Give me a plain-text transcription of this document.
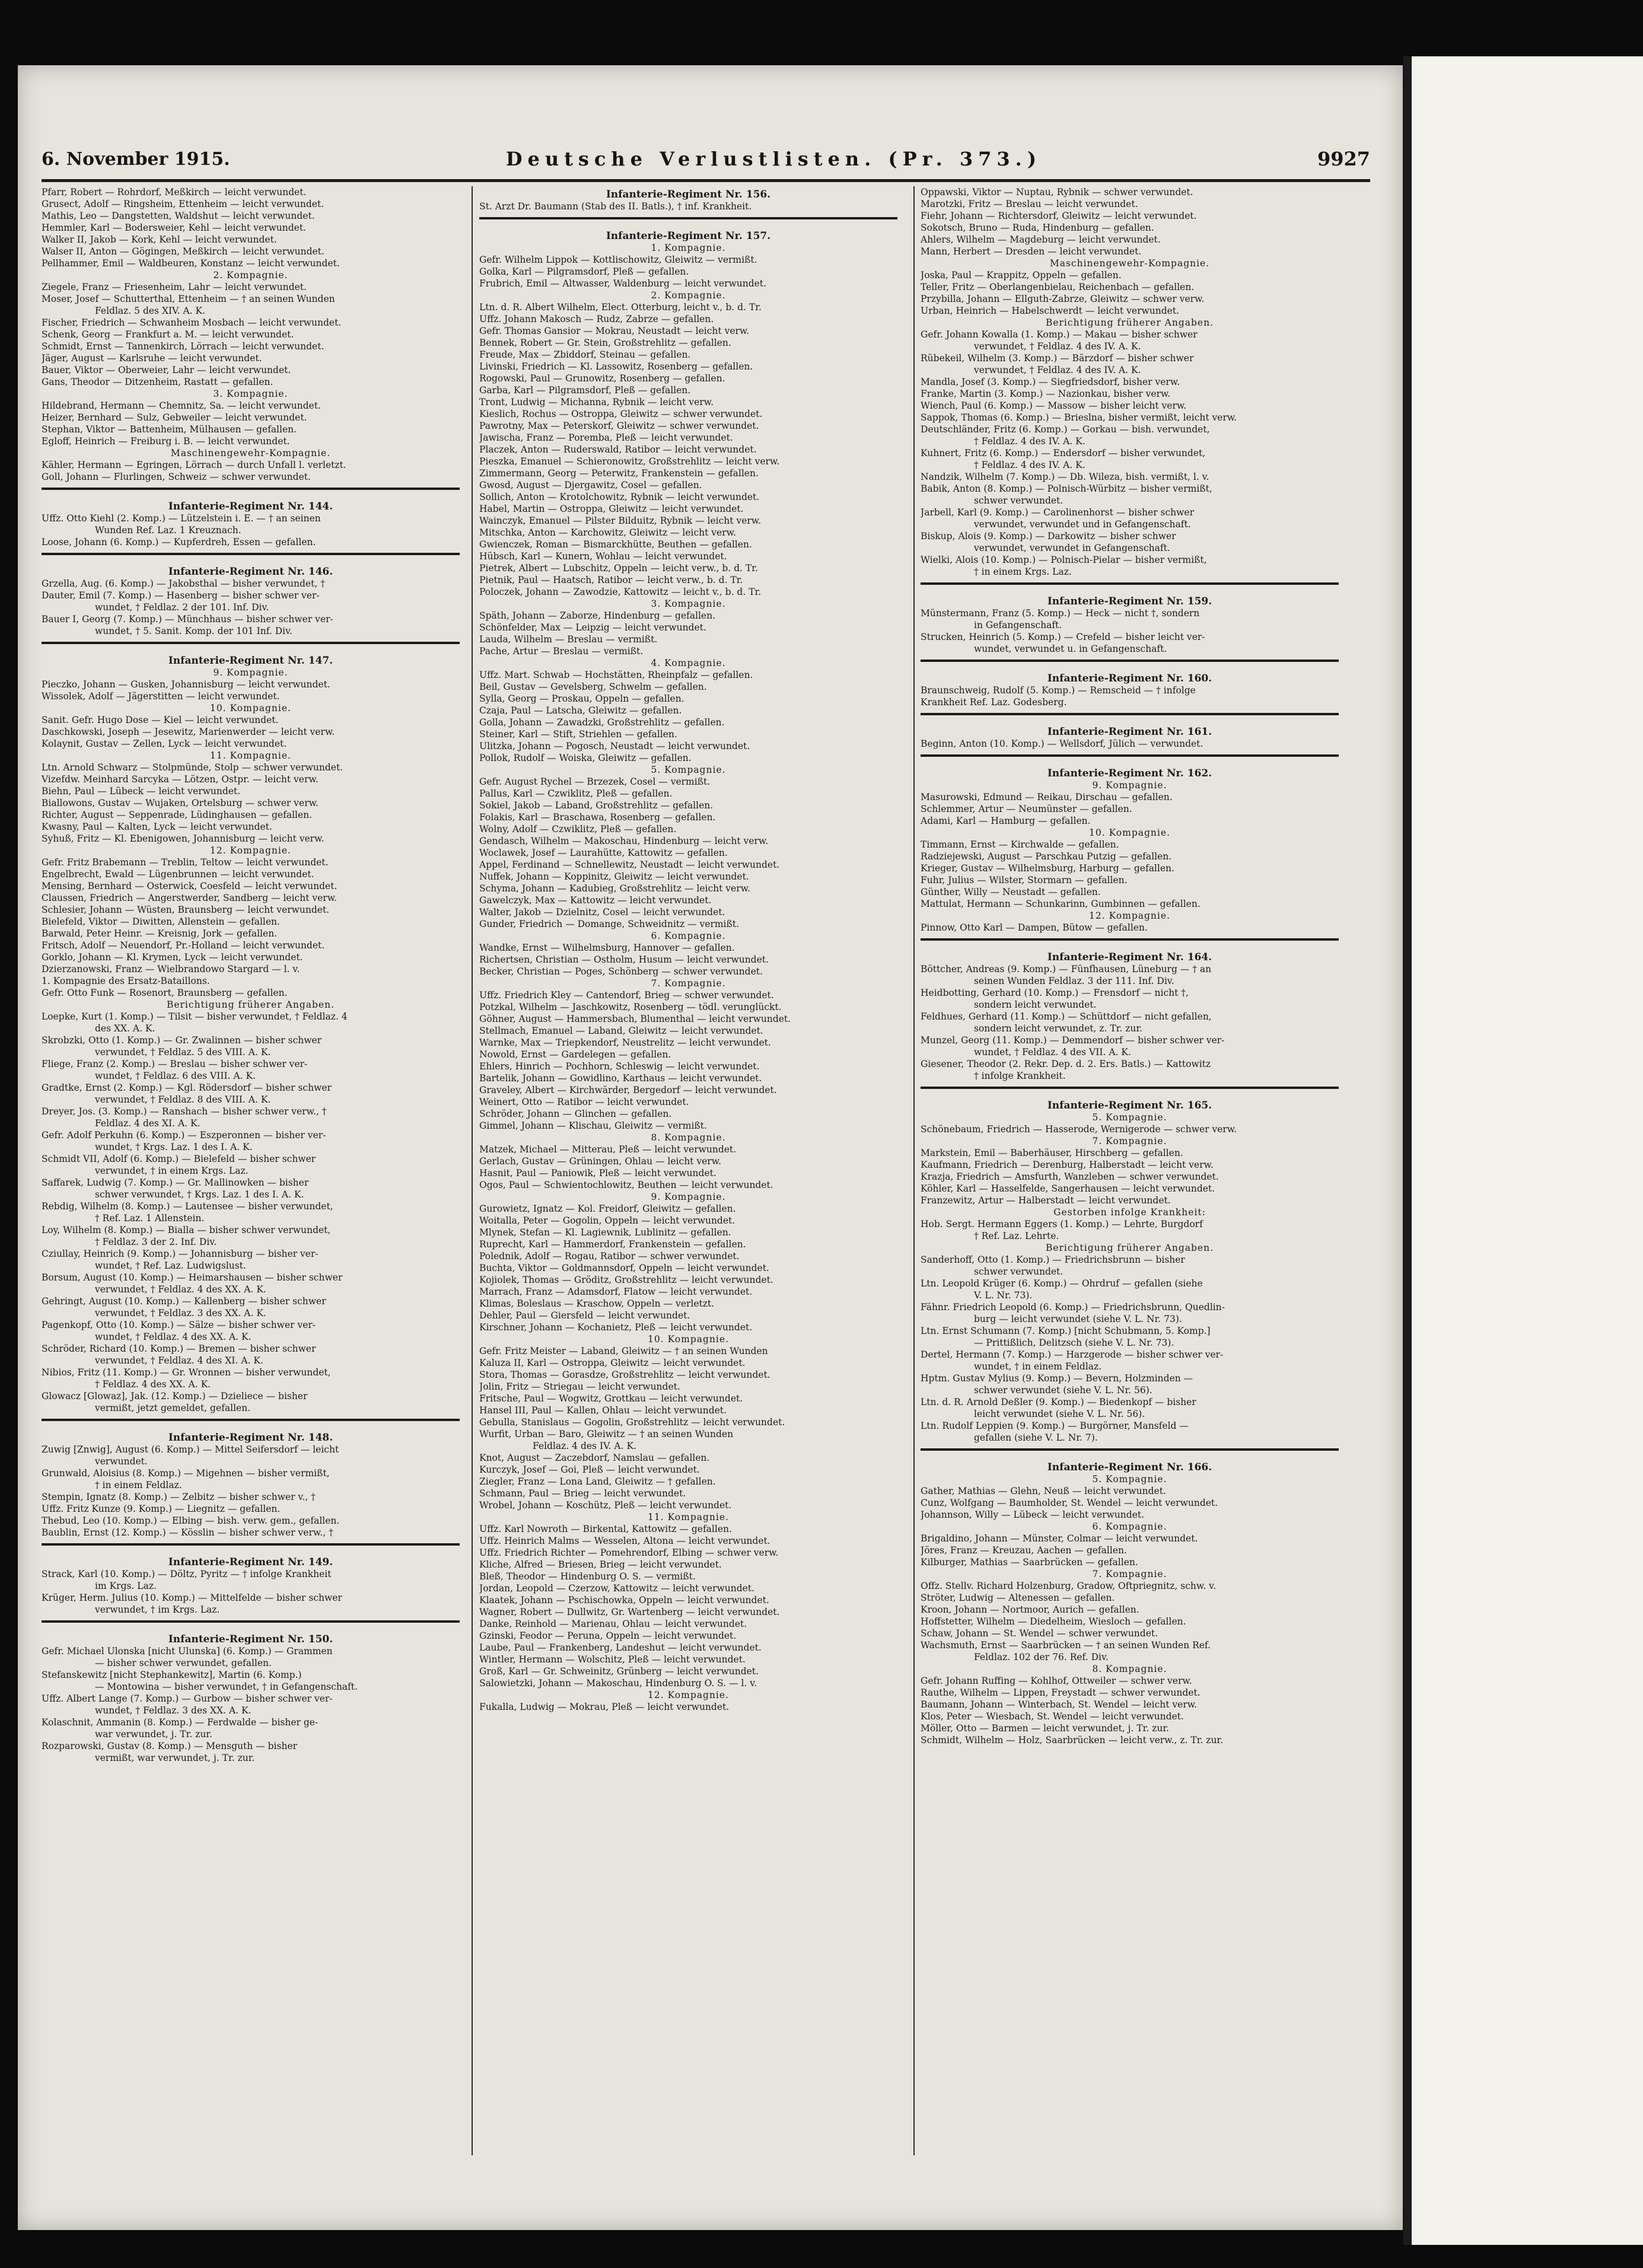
6. November 1915.	Deutsche Verlustlisten. (Pr. 373.)	9927
Pfarr, Robert — Rohrdorf, Meßkirch — leicht verwundet.
Grusect, Adolf — Ringsheim, Ettenheim — leicht verwundet.
Mathis, Leo — Dangstetten, Waldshut — leicht verwundet.
Hemmler, Karl — Bodersweier, Kehl — leicht verwundet.
Walker II, Jakob — Kork, Kehl — leicht verwundet.
Walser II, Anton — Gögingen, Meßkirch — leicht verwundet.
Pellhammer, Emil — Waldbeuren, Konstanz — leicht verwundet.
2. Kompagnie.
Ziegele, Franz — Friesenheim, Lahr — leicht verwundet.
Moser, Josef — Schutterthal, Ettenheim — † an seinen Wunden
Feldlaz. 5 des XIV. A. K.
Fischer, Friedrich — Schwanheim Mosbach — leicht verwundet.
Schenk, Georg — Frankfurt a. M. — leicht verwundet.
Schmidt, Ernst — Tannenkirch, Lörrach — leicht verwundet.
Jäger, August — Karlsruhe — leicht verwundet.
Bauer, Viktor — Oberweier, Lahr — leicht verwundet.
Gans, Theodor — Ditzenheim, Rastatt — gefallen.
3. Kompagnie.
Hildebrand, Hermann — Chemnitz, Sa. — leicht verwundet.
Heizer, Bernhard — Sulz, Gebweiler — leicht verwundet.
Stephan, Viktor — Battenheim, Mülhausen — gefallen.
Egloff, Heinrich — Freiburg i. B. — leicht verwundet.
Maschinengewehr-Kompagnie.
Kähler, Hermann — Egringen, Lörrach — durch Unfall l. verletzt.
Goll, Johann — Flurlingen, Schweiz — schwer verwundet.
Infanterie-Regiment Nr. 144.
Uffz. Otto Kiehl (2. Komp.) — Lützelstein i. E. — † an seinen
Wunden Ref. Laz. 1 Kreuznach.
Loose, Johann (6. Komp.) — Kupferdreh, Essen — gefallen.
Infanterie-Regiment Nr. 146.
Grzella, Aug. (6. Komp.) — Jakobsthal — bisher verwundet, †
Dauter, Emil (7. Komp.) — Hasenberg — bisher schwer ver-
wundet, † Feldlaz. 2 der 101. Inf. Div.
Bauer I, Georg (7. Komp.) — Münchhaus — bisher schwer ver-
wundet, † 5. Sanit. Komp. der 101 Inf. Div.
Infanterie-Regiment Nr. 147.
9. Kompagnie.
Pieczko, Johann — Gusken, Johannisburg — leicht verwundet.
Wissolek, Adolf — Jägerstitten — leicht verwundet.
10. Kompagnie.
Sanit. Gefr. Hugo Dose — Kiel — leicht verwundet.
Daschkowski, Joseph — Jesewitz, Marienwerder — leicht verw.
Kolaynit, Gustav — Zellen, Lyck — leicht verwundet.
11. Kompagnie.
Ltn. Arnold Schwarz — Stolpmünde, Stolp — schwer verwundet.
Vizefdw. Meinhard Sarcyka — Lötzen, Ostpr. — leicht verw.
Biehn, Paul — Lübeck — leicht verwundet.
Biallowons, Gustav — Wujaken, Ortelsburg — schwer verw.
Richter, August — Seppenrade, Lüdinghausen — gefallen.
Kwasny, Paul — Kalten, Lyck — leicht verwundet.
Syhuß, Fritz — Kl. Ebenigowen, Johannisburg — leicht verw.
12. Kompagnie.
Gefr. Fritz Brabemann — Treblin, Teltow — leicht verwundet.
Engelbrecht, Ewald — Lügenbrunnen — leicht verwundet.
Mensing, Bernhard — Osterwick, Coesfeld — leicht verwundet.
Claussen, Friedrich — Angerstwerder, Sandberg — leicht verw.
Schlesier, Johann — Wüsten, Braunsberg — leicht verwundet.
Bielefeld, Viktor — Diwitten, Allenstein — gefallen.
Barwald, Peter Heinr. — Kreisnig, Jork — gefallen.
Fritsch, Adolf — Neuendorf, Pr.-Holland — leicht verwundet.
Gorklo, Johann — Kl. Krymen, Lyck — leicht verwundet.
Dzierzanowski, Franz — Wielbrandowo Stargard — l. v.
1. Kompagnie des Ersatz-Bataillons.
Gefr. Otto Funk — Rosenort, Braunsberg — gefallen.
Berichtigung früherer Angaben.
Loepke, Kurt (1. Komp.) — Tilsit — bisher verwundet, † Feldlaz. 4
des XX. A. K.
Skrobzki, Otto (1. Komp.) — Gr. Zwalinnen — bisher schwer
verwundet, † Feldlaz. 5 des VIII. A. K.
Fliege, Franz (2. Komp.) — Breslau — bisher schwer ver-
wundet, † Feldlaz. 6 des VIII. A. K.
Gradtke, Ernst (2. Komp.) — Kgl. Rödersdorf — bisher schwer
verwundet, † Feldlaz. 8 des VIII. A. K.
Dreyer, Jos. (3. Komp.) — Ranshach — bisher schwer verw., †
Feldlaz. 4 des XI. A. K.
Gefr. Adolf Perkuhn (6. Komp.) — Eszperonnen — bisher ver-
wundet, † Krgs. Laz. 1 des I. A. K.
Schmidt VII, Adolf (6. Komp.) — Bielefeld — bisher schwer
verwundet, † in einem Krgs. Laz.
Saffarek, Ludwig (7. Komp.) — Gr. Mallinowken — bisher
schwer verwundet, † Krgs. Laz. 1 des I. A. K.
Rebdig, Wilhelm (8. Komp.) — Lautensee — bisher verwundet,
† Ref. Laz. 1 Allenstein.
Loy, Wilhelm (8. Komp.) — Bialla — bisher schwer verwundet,
† Feldlaz. 3 der 2. Inf. Div.
Cziullay, Heinrich (9. Komp.) — Johannisburg — bisher ver-
wundet, † Ref. Laz. Ludwigslust.
Borsum, August (10. Komp.) — Heimarshausen — bisher schwer
verwundet, † Feldlaz. 4 des XX. A. K.
Gehringt, August (10. Komp.) — Kallenberg — bisher schwer
verwundet, † Feldlaz. 3 des XX. A. K.
Pagenkopf, Otto (10. Komp.) — Sälze — bisher schwer ver-
wundet, † Feldlaz. 4 des XX. A. K.
Schröder, Richard (10. Komp.) — Bremen — bisher schwer
verwundet, † Feldlaz. 4 des XI. A. K.
Nibios, Fritz (11. Komp.) — Gr. Wronnen — bisher verwundet,
† Feldlaz. 4 des XX. A. K.
Glowacz [Glowaz], Jak. (12. Komp.) — Dzieliece — bisher
vermißt, jetzt gemeldet, gefallen.
Infanterie-Regiment Nr. 148.
Zuwig [Znwig], August (6. Komp.) — Mittel Seifersdorf — leicht
verwundet.
Grunwald, Aloisius (8. Komp.) — Migehnen — bisher vermißt,
† in einem Feldlaz.
Stempin, Ignatz (8. Komp.) — Zelbitz — bisher schwer v., †
Uffz. Fritz Kunze (9. Komp.) — Liegnitz — gefallen.
Thebud, Leo (10. Komp.) — Elbing — bish. verw. gem., gefallen.
Baublin, Ernst (12. Komp.) — Kösslin — bisher schwer verw., †
Infanterie-Regiment Nr. 149.
Strack, Karl (10. Komp.) — Döltz, Pyritz — † infolge Krankheit
im Krgs. Laz.
Krüger, Herm. Julius (10. Komp.) — Mittelfelde — bisher schwer
verwundet, † im Krgs. Laz.
Infanterie-Regiment Nr. 150.
Gefr. Michael Ulonska [nicht Ulunska] (6. Komp.) — Grammen
— bisher schwer verwundet, gefallen.
Stefanskewitz [nicht Stephankewitz], Martin (6. Komp.)
— Montowina — bisher verwundet, † in Gefangenschaft.
Uffz. Albert Lange (7. Komp.) — Gurbow — bisher schwer ver-
wundet, † Feldlaz. 3 des XX. A. K.
Kolaschnit, Ammanin (8. Komp.) — Ferdwalde — bisher ge-
war verwundet, j. Tr. zur.
Rozparowski, Gustav (8. Komp.) — Mensguth — bisher
vermißt, war verwundet, j. Tr. zur.
Infanterie-Regiment Nr. 156.
St. Arzt Dr. Baumann (Stab des II. Batls.), † inf. Krankheit.
Infanterie-Regiment Nr. 157.
1. Kompagnie.
Gefr. Wilhelm Lippok — Kottlischowitz, Gleiwitz — vermißt.
Golka, Karl — Pilgramsdorf, Pleß — gefallen.
Frubrich, Emil — Altwasser, Waldenburg — leicht verwundet.
2. Kompagnie.
Ltn. d. R. Albert Wilhelm, Elect. Otterburg, leicht v., b. d. Tr.
Uffz. Johann Makosch — Rudz, Zabrze — gefallen.
Gefr. Thomas Gansior — Mokrau, Neustadt — leicht verw.
Bennek, Robert — Gr. Stein, Großstrehlitz — gefallen.
Freude, Max — Zbiddorf, Steinau — gefallen.
Livinski, Friedrich — Kl. Lassowitz, Rosenberg — gefallen.
Rogowski, Paul — Grunowitz, Rosenberg — gefallen.
Garba, Karl — Pilgramsdorf, Pleß — gefallen.
Tront, Ludwig — Michanna, Rybnik — leicht verw.
Kieslich, Rochus — Ostroppa, Gleiwitz — schwer verwundet.
Pawrotny, Max — Peterskorf, Gleiwitz — schwer verwundet.
Jawischa, Franz — Poremba, Pleß — leicht verwundet.
Placzek, Anton — Ruderswald, Ratibor — leicht verwundet.
Pieszka, Emanuel — Schieronowitz, Großstrehlitz — leicht verw.
Zimmermann, Georg — Peterwitz, Frankenstein — gefallen.
Gwosd, August — Djergawitz, Cosel — gefallen.
Sollich, Anton — Krotolchowitz, Rybnik — leicht verwundet.
Habel, Martin — Ostroppa, Gleiwitz — leicht verwundet.
Wainczyk, Emanuel — Pilster Bilduitz, Rybnik — leicht verw.
Mitschka, Anton — Karchowitz, Gleiwitz — leicht verw.
Gwienczek, Roman — Bismarckhütte, Beuthen — gefallen.
Hübsch, Karl — Kunern, Wohlau — leicht verwundet.
Pietrek, Albert — Lubschitz, Oppeln — leicht verw., b. d. Tr.
Pietnik, Paul — Haatsch, Ratibor — leicht verw., b. d. Tr.
Poloczek, Johann — Zawodzie, Kattowitz — leicht v., b. d. Tr.
3. Kompagnie.
Späth, Johann — Zaborze, Hindenburg — gefallen.
Schönfelder, Max — Leipzig — leicht verwundet.
Lauda, Wilhelm — Breslau — vermißt.
Pache, Artur — Breslau — vermißt.
4. Kompagnie.
Uffz. Mart. Schwab — Hochstätten, Rheinpfalz — gefallen.
Beil, Gustav — Gevelsberg, Schwelm — gefallen.
Sylla, Georg — Proskau, Oppeln — gefallen.
Czaja, Paul — Latscha, Gleiwitz — gefallen.
Golla, Johann — Zawadzki, Großstrehlitz — gefallen.
Steiner, Karl — Stift, Striehlen — gefallen.
Ulitzka, Johann — Pogosch, Neustadt — leicht verwundet.
Pollok, Rudolf — Woiska, Gleiwitz — gefallen.
5. Kompagnie.
Gefr. August Rychel — Brzezek, Cosel — vermißt.
Pallus, Karl — Czwiklitz, Pleß — gefallen.
Sokiel, Jakob — Laband, Großstrehlitz — gefallen.
Folakis, Karl — Braschawa, Rosenberg — gefallen.
Wolny, Adolf — Czwiklitz, Pleß — gefallen.
Gendasch, Wilhelm — Makoschau, Hindenburg — leicht verw.
Woclawek, Josef — Laurahütte, Kattowitz — gefallen.
Appel, Ferdinand — Schnellewitz, Neustadt — leicht verwundet.
Nuffek, Johann — Koppinitz, Gleiwitz — leicht verwundet.
Schyma, Johann — Kadubieg, Großstrehlitz — leicht verw.
Gawelczyk, Max — Kattowitz — leicht verwundet.
Walter, Jakob — Dzielnitz, Cosel — leicht verwundet.
Gunder, Friedrich — Domange, Schweidnitz — vermißt.
6. Kompagnie.
Wandke, Ernst — Wilhelmsburg, Hannover — gefallen.
Richertsen, Christian — Ostholm, Husum — leicht verwundet.
Becker, Christian — Poges, Schönberg — schwer verwundet.
7. Kompagnie.
Uffz. Friedrich Kley — Cantendorf, Brieg — schwer verwundet.
Potzkal, Wilhelm — Jaschkowitz, Rosenberg — tödl. verunglückt.
Göhner, August — Hammersbach, Blumenthal — leicht verwundet.
Stellmach, Emanuel — Laband, Gleiwitz — leicht verwundet.
Warnke, Max — Triepkendorf, Neustrelitz — leicht verwundet.
Nowold, Ernst — Gardelegen — gefallen.
Ehlers, Hinrich — Pochhorn, Schleswig — leicht verwundet.
Bartelik, Johann — Gowidlino, Karthaus — leicht verwundet.
Graveley, Albert — Kirchwärder, Bergedorf — leicht verwundet.
Weinert, Otto — Ratibor — leicht verwundet.
Schröder, Johann — Glinchen — gefallen.
Gimmel, Johann — Klischau, Gleiwitz — vermißt.
8. Kompagnie.
Matzek, Michael — Mitterau, Pleß — leicht verwundet.
Gerlach, Gustav — Grüningen, Ohlau — leicht verw.
Hasnit, Paul — Paniowik, Pleß — leicht verwundet.
Ogos, Paul — Schwientochlowitz, Beuthen — leicht verwundet.
9. Kompagnie.
Gurowietz, Ignatz — Kol. Freidorf, Gleiwitz — gefallen.
Woitalla, Peter — Gogolin, Oppeln — leicht verwundet.
Mlynek, Stefan — Kl. Lagiewnik, Lublinitz — gefallen.
Ruprecht, Karl — Hammerdorf, Frankenstein — gefallen.
Polednik, Adolf — Rogau, Ratibor — schwer verwundet.
Buchta, Viktor — Goldmannsdorf, Oppeln — leicht verwundet.
Kojiolek, Thomas — Gröditz, Großstrehlitz — leicht verwundet.
Marrach, Franz — Adamsdorf, Flatow — leicht verwundet.
Klimas, Boleslaus — Kraschow, Oppeln — verletzt.
Dehler, Paul — Giersfeld — leicht verwundet.
Kirschner, Johann — Kochanietz, Pleß — leicht verwundet.
10. Kompagnie.
Gefr. Fritz Meister — Laband, Gleiwitz — † an seinen Wunden
Kaluza II, Karl — Ostroppa, Gleiwitz — leicht verwundet.
Stora, Thomas — Gorasdze, Großstrehlitz — leicht verwundet.
Jolin, Fritz — Striegau — leicht verwundet.
Fritsche, Paul — Wogwitz, Grottkau — leicht verwundet.
Hansel III, Paul — Kallen, Ohlau — leicht verwundet.
Gebulla, Stanislaus — Gogolin, Großstrehlitz — leicht verwundet.
Wurfit, Urban — Baro, Gleiwitz — † an seinen Wunden
Feldlaz. 4 des IV. A. K.
Knot, August — Zaczebdorf, Namslau — gefallen.
Kurczyk, Josef — Goi, Pleß — leicht verwundet.
Ziegler, Franz — Lona Land, Gleiwitz — † gefallen.
Schmann, Paul — Brieg — leicht verwundet.
Wrobel, Johann — Koschütz, Pleß — leicht verwundet.
11. Kompagnie.
Uffz. Karl Nowroth — Birkental, Kattowitz — gefallen.
Uffz. Heinrich Malms — Wesselen, Altona — leicht verwundet.
Uffz. Friedrich Richter — Pomehrendorf, Elbing — schwer verw.
Kliche, Alfred — Briesen, Brieg — leicht verwundet.
Bleß, Theodor — Hindenburg O. S. — vermißt.
Jordan, Leopold — Czerzow, Kattowitz — leicht verwundet.
Klaatek, Johann — Pschischowka, Oppeln — leicht verwundet.
Wagner, Robert — Dullwitz, Gr. Wartenberg — leicht verwundet.
Danke, Reinhold — Marienau, Ohlau — leicht verwundet.
Gzinski, Feodor — Peruna, Oppeln — leicht verwundet.
Laube, Paul — Frankenberg, Landeshut — leicht verwundet.
Wintler, Hermann — Wolschitz, Pleß — leicht verwundet.
Groß, Karl — Gr. Schweinitz, Grünberg — leicht verwundet.
Salowietzki, Johann — Makoschau, Hindenburg O. S. — l. v.
12. Kompagnie.
Fukalla, Ludwig — Mokrau, Pleß — leicht verwundet.
Oppawski, Viktor — Nuptau, Rybnik — schwer verwundet.
Marotzki, Fritz — Breslau — leicht verwundet.
Fiehr, Johann — Richtersdorf, Gleiwitz — leicht verwundet.
Sokotsch, Bruno — Ruda, Hindenburg — gefallen.
Ahlers, Wilhelm — Magdeburg — leicht verwundet.
Mann, Herbert — Dresden — leicht verwundet.
Maschinengewehr-Kompagnie.
Joska, Paul — Krappitz, Oppeln — gefallen.
Teller, Fritz — Oberlangenbielau, Reichenbach — gefallen.
Przybilla, Johann — Ellguth-Zabrze, Gleiwitz — schwer verw.
Urban, Heinrich — Habelschwerdt — leicht verwundet.
Berichtigung früherer Angaben.
Gefr. Johann Kowalla (1. Komp.) — Makau — bisher schwer
verwundet, † Feldlaz. 4 des IV. A. K.
Rübekeil, Wilhelm (3. Komp.) — Bärzdorf — bisher schwer
verwundet, † Feldlaz. 4 des IV. A. K.
Mandla, Josef (3. Komp.) — Siegfriedsdorf, bisher verw.
Franke, Martin (3. Komp.) — Nazionkau, bisher verw.
Wiench, Paul (6. Komp.) — Massow — bisher leicht verw.
Sappok, Thomas (6. Komp.) — Brieslna, bisher vermißt, leicht verw.
Deutschländer, Fritz (6. Komp.) — Gorkau — bish. verwundet,
† Feldlaz. 4 des IV. A. K.
Kuhnert, Fritz (6. Komp.) — Endersdorf — bisher verwundet,
† Feldlaz. 4 des IV. A. K.
Nandzik, Wilhelm (7. Komp.) — Db. Wileza, bish. vermißt, l. v.
Babik, Anton (8. Komp.) — Polnisch-Würbitz — bisher vermißt,
schwer verwundet.
Jarbell, Karl (9. Komp.) — Carolinenhorst — bisher schwer
verwundet, verwundet und in Gefangenschaft.
Biskup, Alois (9. Komp.) — Darkowitz — bisher schwer
verwundet, verwundet in Gefangenschaft.
Wielki, Alois (10. Komp.) — Polnisch-Pielar — bisher vermißt,
† in einem Krgs. Laz.
Infanterie-Regiment Nr. 159.
Münstermann, Franz (5. Komp.) — Heck — nicht †, sondern
in Gefangenschaft.
Strucken, Heinrich (5. Komp.) — Crefeld — bisher leicht ver-
wundet, verwundet u. in Gefangenschaft.
Infanterie-Regiment Nr. 160.
Braunschweig, Rudolf (5. Komp.) — Remscheid — † infolge
Krankheit Ref. Laz. Godesberg.
Infanterie-Regiment Nr. 161.
Beginn, Anton (10. Komp.) — Wellsdorf, Jülich — verwundet.
Infanterie-Regiment Nr. 162.
9. Kompagnie.
Masurowski, Edmund — Reikau, Dirschau — gefallen.
Schlemmer, Artur — Neumünster — gefallen.
Adami, Karl — Hamburg — gefallen.
10. Kompagnie.
Timmann, Ernst — Kirchwalde — gefallen.
Radziejewski, August — Parschkau Putzig — gefallen.
Krieger, Gustav — Wilhelmsburg, Harburg — gefallen.
Fuhr, Julius — Wilster, Stormarn — gefallen.
Günther, Willy — Neustadt — gefallen.
Mattulat, Hermann — Schunkarinn, Gumbinnen — gefallen.
12. Kompagnie.
Pinnow, Otto Karl — Dampen, Bütow — gefallen.
Infanterie-Regiment Nr. 164.
Böttcher, Andreas (9. Komp.) — Fünfhausen, Lüneburg — † an
seinen Wunden Feldlaz. 3 der 111. Inf. Div.
Heidbotting, Gerhard (10. Komp.) — Frensdorf — nicht †,
sondern leicht verwundet.
Feldhues, Gerhard (11. Komp.) — Schüttdorf — nicht gefallen,
sondern leicht verwundet, z. Tr. zur.
Munzel, Georg (11. Komp.) — Demmendorf — bisher schwer ver-
wundet, † Feldlaz. 4 des VII. A. K.
Giesener, Theodor (2. Rekr. Dep. d. 2. Ers. Batls.) — Kattowitz
† infolge Krankheit.
Infanterie-Regiment Nr. 165.
5. Kompagnie.
Schönebaum, Friedrich — Hasserode, Wernigerode — schwer verw.
7. Kompagnie.
Markstein, Emil — Baberhäuser, Hirschberg — gefallen.
Kaufmann, Friedrich — Derenburg, Halberstadt — leicht verw.
Krazja, Friedrich — Amsfurth, Wanzleben — schwer verwundet.
Köhler, Karl — Hasselfelde, Sangerhausen — leicht verwundet.
Franzewitz, Artur — Halberstadt — leicht verwundet.
Gestorben infolge Krankheit:
Hob. Sergt. Hermann Eggers (1. Komp.) — Lehrte, Burgdorf
† Ref. Laz. Lehrte.
Berichtigung früherer Angaben.
Sanderhoff, Otto (1. Komp.) — Friedrichsbrunn — bisher
schwer verwundet.
Ltn. Leopold Krüger (6. Komp.) — Ohrdruf — gefallen (siehe
V. L. Nr. 73).
Fähnr. Friedrich Leopold (6. Komp.) — Friedrichsbrunn, Quedlin-
burg — leicht verwundet (siehe V. L. Nr. 73).
Ltn. Ernst Schumann (7. Komp.) [nicht Schubmann, 5. Komp.]
— Prittißlich, Delitzsch (siehe V. L. Nr. 73).
Dertel, Hermann (7. Komp.) — Harzgerode — bisher schwer ver-
wundet, † in einem Feldlaz.
Hptm. Gustav Mylius (9. Komp.) — Bevern, Holzminden —
schwer verwundet (siehe V. L. Nr. 56).
Ltn. d. R. Arnold Deßler (9. Komp.) — Biedenkopf — bisher
leicht verwundet (siehe V. L. Nr. 56).
Ltn. Rudolf Leppien (9. Komp.) — Burgörner, Mansfeld —
gefallen (siehe V. L. Nr. 7).
Infanterie-Regiment Nr. 166.
5. Kompagnie.
Gather, Mathias — Glehn, Neuß — leicht verwundet.
Cunz, Wolfgang — Baumholder, St. Wendel — leicht verwundet.
Johannson, Willy — Lübeck — leicht verwundet.
6. Kompagnie.
Brigaldino, Johann — Münster, Colmar — leicht verwundet.
Jöres, Franz — Kreuzau, Aachen — gefallen.
Kilburger, Mathias — Saarbrücken — gefallen.
7. Kompagnie.
Offz. Stellv. Richard Holzenburg, Gradow, Oftpriegnitz, schw. v.
Ströter, Ludwig — Altenessen — gefallen.
Kroon, Johann — Nortmoor, Aurich — gefallen.
Hoffstetter, Wilhelm — Diedelheim, Wiesloch — gefallen.
Schaw, Johann — St. Wendel — schwer verwundet.
Wachsmuth, Ernst — Saarbrücken — † an seinen Wunden Ref.
Feldlaz. 102 der 76. Ref. Div.
8. Kompagnie.
Gefr. Johann Ruffing — Kohlhof, Ottweiler — schwer verw.
Rauthe, Wilhelm — Lippen, Freystadt — schwer verwundet.
Baumann, Johann — Winterbach, St. Wendel — leicht verw.
Klos, Peter — Wiesbach, St. Wendel — leicht verwundet.
Möller, Otto — Barmen — leicht verwundet, j. Tr. zur.
Schmidt, Wilhelm — Holz, Saarbrücken — leicht verw., z. Tr. zur.
